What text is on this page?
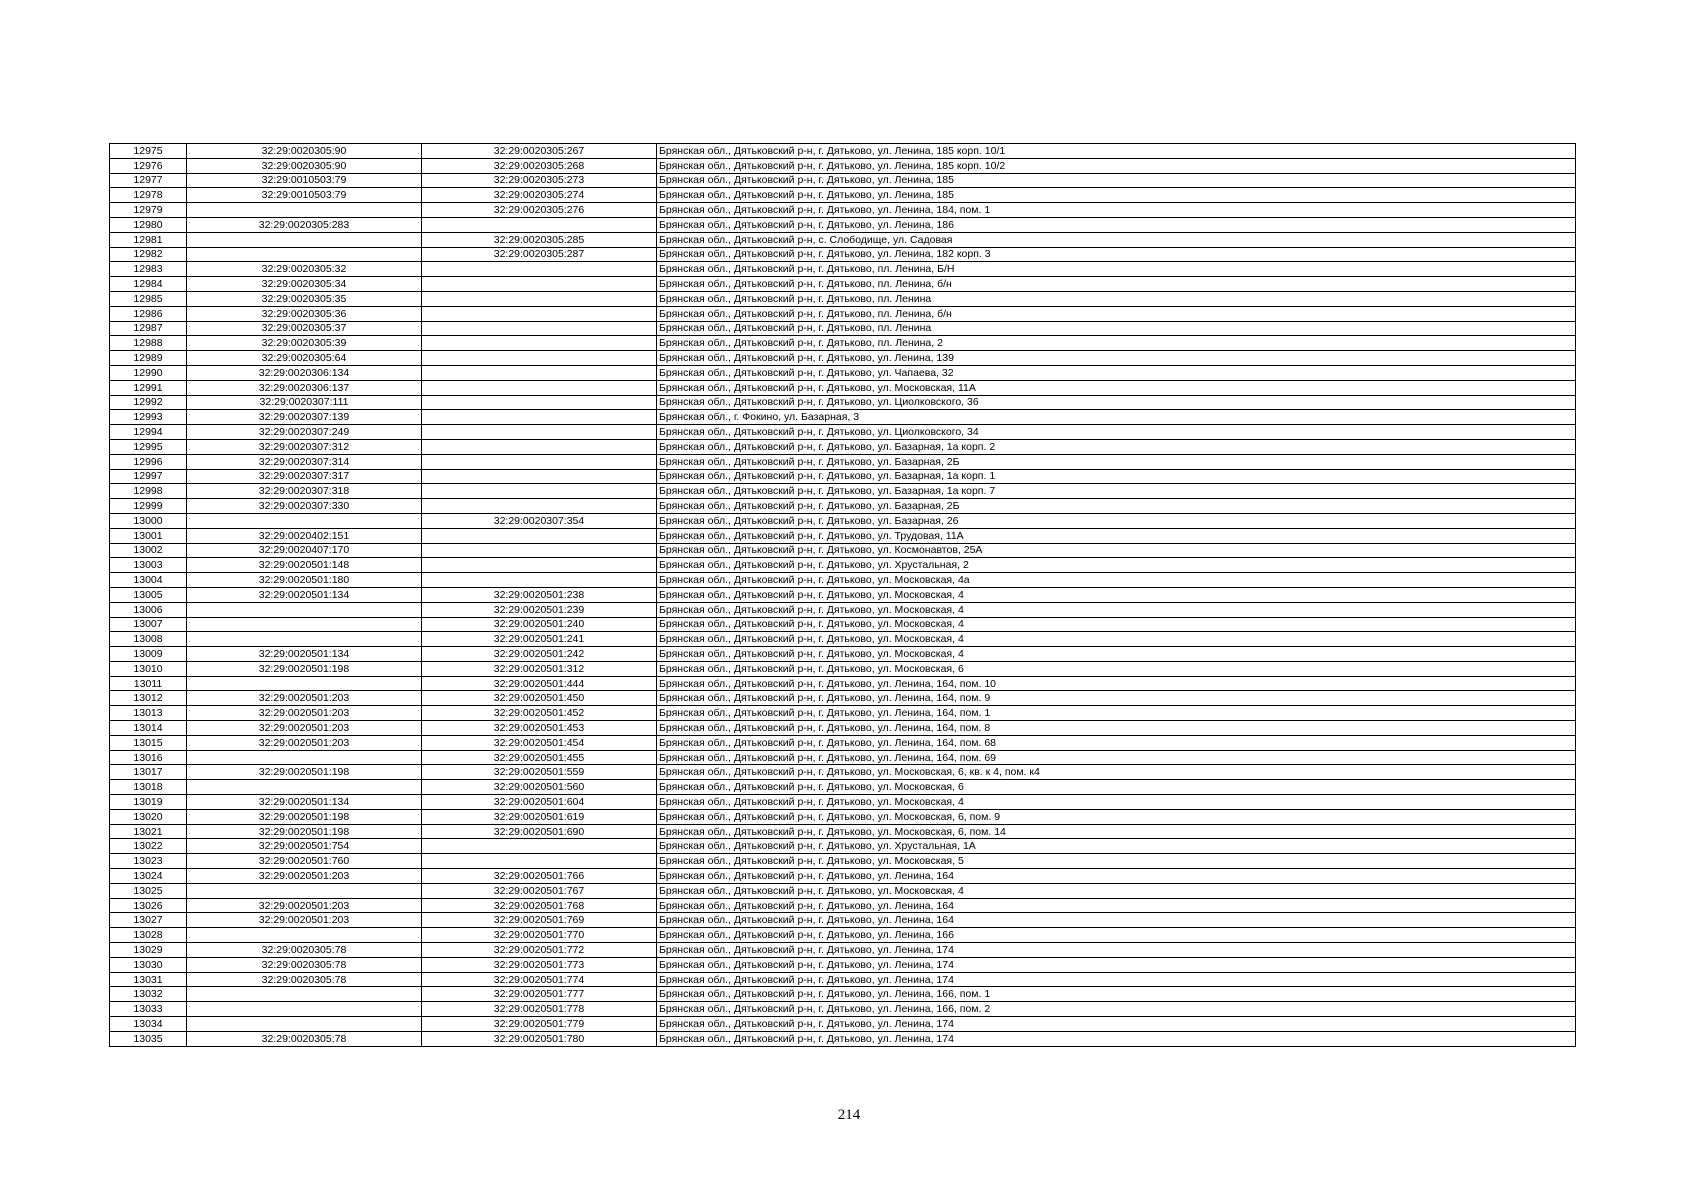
12975	32:29:0020305:90	32:29:0020305:267	Брянская обл., Дятьковский р-н, г. Дятьково, ул. Ленина, 185 корп. 10/1
12976	32:29:0020305:90	32:29:0020305:268	Брянская обл., Дятьковский р-н, г. Дятьково, ул. Ленина, 185 корп. 10/2
12977	32:29:0010503:79	32:29:0020305:273	Брянская обл., Дятьковский р-н, г. Дятьково, ул. Ленина, 185
12978	32:29:0010503:79	32:29:0020305:274	Брянская обл., Дятьковский р-н, г. Дятьково, ул. Ленина, 185
12979		32:29:0020305:276	Брянская обл., Дятьковский р-н, г. Дятьково, ул. Ленина, 184, пом. 1
12980	32:29:0020305:283		Брянская обл., Дятьковский р-н, г. Дятьково, ул. Ленина, 186
12981		32:29:0020305:285	Брянская обл., Дятьковский р-н, с. Слободище, ул. Садовая
12982		32:29:0020305:287	Брянская обл., Дятьковский р-н, г. Дятьково, ул. Ленина, 182 корп. 3
12983	32:29:0020305:32		Брянская обл., Дятьковский р-н, г. Дятьково, пл. Ленина, Б/Н
12984	32:29:0020305:34		Брянская обл., Дятьковский р-н, г. Дятьково, пл. Ленина, б/н
12985	32:29:0020305:35		Брянская обл., Дятьковский р-н, г. Дятьково, пл. Ленина
12986	32:29:0020305:36		Брянская обл., Дятьковский р-н, г. Дятьково, пл. Ленина, б/н
12987	32:29:0020305:37		Брянская обл., Дятьковский р-н, г. Дятьково, пл. Ленина
12988	32:29:0020305:39		Брянская обл., Дятьковский р-н, г. Дятьково, пл. Ленина, 2
12989	32:29:0020305:64		Брянская обл., Дятьковский р-н, г. Дятьково, ул. Ленина, 139
12990	32:29:0020306:134		Брянская обл., Дятьковский р-н, г. Дятьково, ул. Чапаева, 32
12991	32:29:0020306:137		Брянская обл., Дятьковский р-н, г. Дятьково, ул. Московская, 11А
12992	32:29:0020307:111		Брянская обл., Дятьковский р-н, г. Дятьково, ул. Циолковского, 36
12993	32:29:0020307:139		Брянская обл., г. Фокино, ул. Базарная, 3
12994	32:29:0020307:249		Брянская обл., Дятьковский р-н, г. Дятьково, ул. Циолковского, 34
12995	32:29:0020307:312		Брянская обл., Дятьковский р-н, г. Дятьково, ул. Базарная, 1а корп. 2
12996	32:29:0020307:314		Брянская обл., Дятьковский р-н, г. Дятьково, ул. Базарная, 2Б
12997	32:29:0020307:317		Брянская обл., Дятьковский р-н, г. Дятьково, ул. Базарная, 1а корп. 1
12998	32:29:0020307:318		Брянская обл., Дятьковский р-н, г. Дятьково, ул. Базарная, 1а корп. 7
12999	32:29:0020307:330		Брянская обл., Дятьковский р-н, г. Дятьково, ул. Базарная, 2Б
13000		32:29:0020307:354	Брянская обл., Дятьковский р-н, г. Дятьково, ул. Базарная, 26
13001	32:29:0020402:151		Брянская обл., Дятьковский р-н, г. Дятьково, ул. Трудовая, 11А
13002	32:29:0020407:170		Брянская обл., Дятьковский р-н, г. Дятьково, ул. Космонавтов, 25А
13003	32:29:0020501:148		Брянская обл., Дятьковский р-н, г. Дятьково, ул. Хрустальная, 2
13004	32:29:0020501:180		Брянская обл., Дятьковский р-н, г. Дятьково, ул. Московская, 4а
13005	32:29:0020501:134	32:29:0020501:238	Брянская обл., Дятьковский р-н, г. Дятьково, ул. Московская, 4
13006		32:29:0020501:239	Брянская обл., Дятьковский р-н, г. Дятьково, ул. Московская, 4
13007		32:29:0020501:240	Брянская обл., Дятьковский р-н, г. Дятьково, ул. Московская, 4
13008		32:29:0020501:241	Брянская обл., Дятьковский р-н, г. Дятьково, ул. Московская, 4
13009	32:29:0020501:134	32:29:0020501:242	Брянская обл., Дятьковский р-н, г. Дятьково, ул. Московская, 4
13010	32:29:0020501:198	32:29:0020501:312	Брянская обл., Дятьковский р-н, г. Дятьково, ул. Московская, 6
13011		32:29:0020501:444	Брянская обл., Дятьковский р-н, г. Дятьково, ул. Ленина, 164, пом. 10
13012	32:29:0020501:203	32:29:0020501:450	Брянская обл., Дятьковский р-н, г. Дятьково, ул. Ленина, 164, пом. 9
13013	32:29:0020501:203	32:29:0020501:452	Брянская обл., Дятьковский р-н, г. Дятьково, ул. Ленина, 164, пом. 1
13014	32:29:0020501:203	32:29:0020501:453	Брянская обл., Дятьковский р-н, г. Дятьково, ул. Ленина, 164, пом. 8
13015	32:29:0020501:203	32:29:0020501:454	Брянская обл., Дятьковский р-н, г. Дятьково, ул. Ленина, 164, пом. 68
13016		32:29:0020501:455	Брянская обл., Дятьковский р-н, г. Дятьково, ул. Ленина, 164, пом. 69
13017	32:29:0020501:198	32:29:0020501:559	Брянская обл., Дятьковский р-н, г. Дятьково, ул. Московская, 6, кв. к 4, пом. к4
13018		32:29:0020501:560	Брянская обл., Дятьковский р-н, г. Дятьково, ул. Московская, 6
13019	32:29:0020501:134	32:29:0020501:604	Брянская обл., Дятьковский р-н, г. Дятьково, ул. Московская, 4
13020	32:29:0020501:198	32:29:0020501:619	Брянская обл., Дятьковский р-н, г. Дятьково, ул. Московская, 6, пом. 9
13021	32:29:0020501:198	32:29:0020501:690	Брянская обл., Дятьковский р-н, г. Дятьково, ул. Московская, 6, пом. 14
13022	32:29:0020501:754		Брянская обл., Дятьковский р-н, г. Дятьково, ул. Хрустальная, 1А
13023	32:29:0020501:760		Брянская обл., Дятьковский р-н, г. Дятьково, ул. Московская, 5
13024	32:29:0020501:203	32:29:0020501:766	Брянская обл., Дятьковский р-н, г. Дятьково, ул. Ленина, 164
13025		32:29:0020501:767	Брянская обл., Дятьковский р-н, г. Дятьково, ул. Московская, 4
13026	32:29:0020501:203	32:29:0020501:768	Брянская обл., Дятьковский р-н, г. Дятьково, ул. Ленина, 164
13027	32:29:0020501:203	32:29:0020501:769	Брянская обл., Дятьковский р-н, г. Дятьково, ул. Ленина, 164
13028		32:29:0020501:770	Брянская обл., Дятьковский р-н, г. Дятьково, ул. Ленина, 166
13029	32:29:0020305:78	32:29:0020501:772	Брянская обл., Дятьковский р-н, г. Дятьково, ул. Ленина, 174
13030	32:29:0020305:78	32:29:0020501:773	Брянская обл., Дятьковский р-н, г. Дятьково, ул. Ленина, 174
13031	32:29:0020305:78	32:29:0020501:774	Брянская обл., Дятьковский р-н, г. Дятьково, ул. Ленина, 174
13032		32:29:0020501:777	Брянская обл., Дятьковский р-н, г. Дятьково, ул. Ленина, 166, пом. 1
13033		32:29:0020501:778	Брянская обл., Дятьковский р-н, г. Дятьково, ул. Ленина, 166, пом. 2
13034		32:29:0020501:779	Брянская обл., Дятьковский р-н, г. Дятьково, ул. Ленина, 174
13035	32:29:0020305:78	32:29:0020501:780	Брянская обл., Дятьковский р-н, г. Дятьково, ул. Ленина, 174
214
